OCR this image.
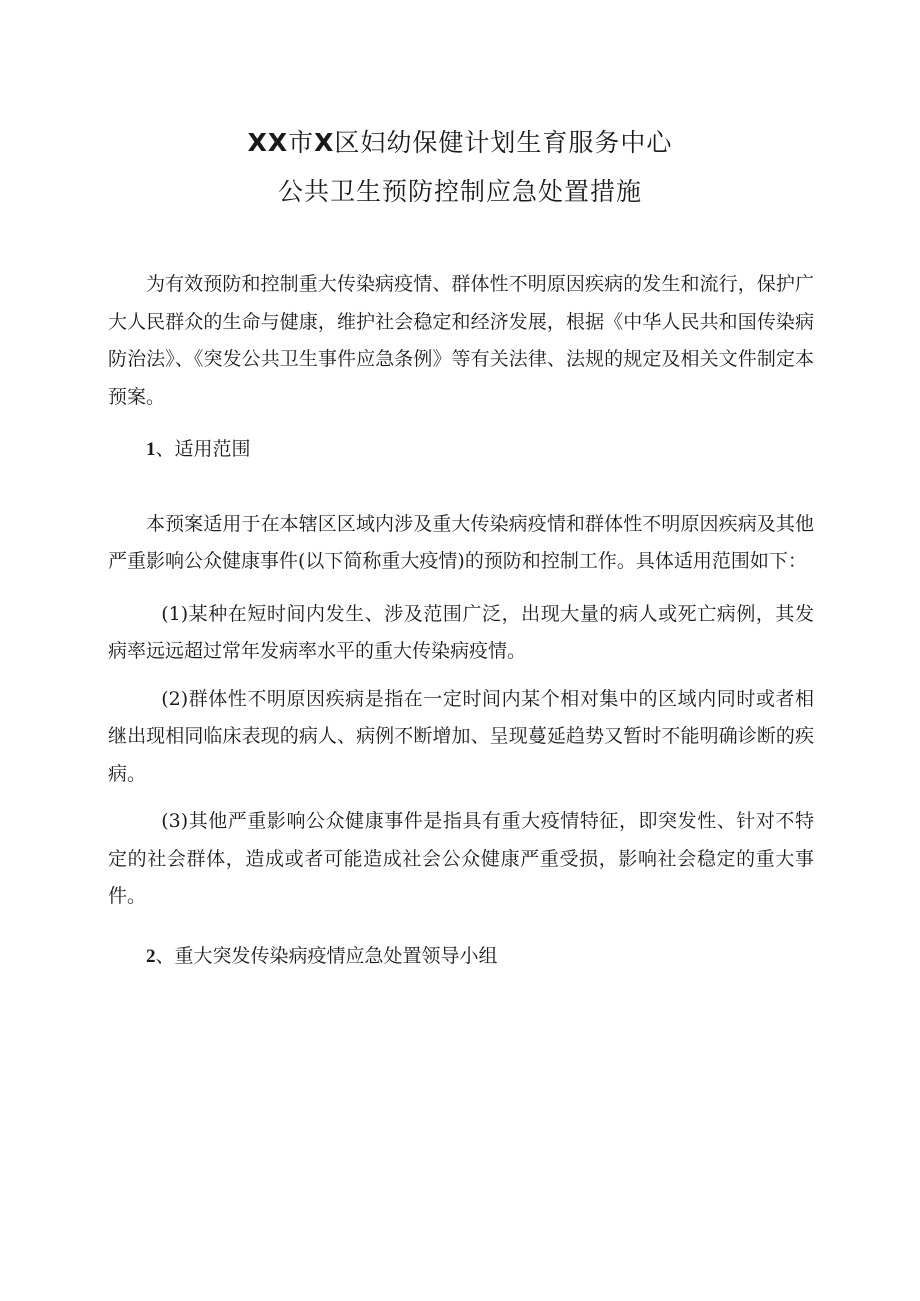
XX市X区妇幼保健计划生育服务中心
公共卫生预防控制应急处置措施

为有效预防和控制重大传染病疫情、群体性不明原因疾病的发生和流行，保护广大人民群众的生命与健康，维护社会稳定和经济发展，根据《中华人民共和国传染病防治法》、《突发公共卫生事件应急条例》等有关法律、法规的规定及相关文件制定本预案。

1、适用范围

本预案适用于在本辖区区域内涉及重大传染病疫情和群体性不明原因疾病及其他严重影响公众健康事件(以下简称重大疫情)的预防和控制工作。具体适用范围如下：

(1)某种在短时间内发生、涉及范围广泛，出现大量的病人或死亡病例，其发病率远远超过常年发病率水平的重大传染病疫情。

(2)群体性不明原因疾病是指在一定时间内某个相对集中的区域内同时或者相继出现相同临床表现的病人、病例不断增加、呈现蔓延趋势又暂时不能明确诊断的疾病。

(3)其他严重影响公众健康事件是指具有重大疫情特征，即突发性、针对不特定的社会群体，造成或者可能造成社会公众健康严重受损，影响社会稳定的重大事件。

2、重大突发传染病疫情应急处置领导小组
